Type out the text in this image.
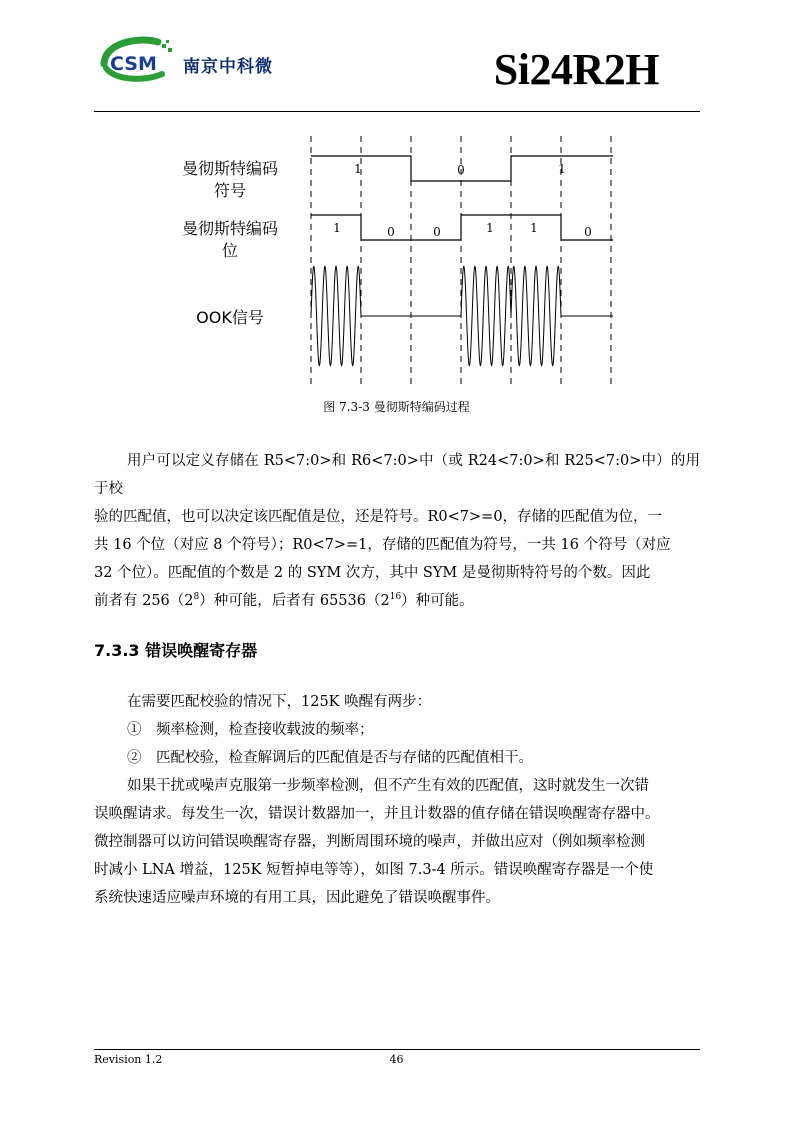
CSM 南京中科微	Si24R2H
曼彻斯特编码
符号
曼彻斯特编码
位
OOK信号
1	0	1
1	0	0	1	1	0
图 7.3-3 曼彻斯特编码过程

用户可以定义存储在 R5<7:0>和 R6<7:0>中（或 R24<7:0>和 R25<7:0>中）的用于校

验的匹配值，也可以决定该匹配值是位，还是符号。R0<7>=0，存储的匹配值为位，一

共 16 个位（对应 8 个符号）；R0<7>=1，存储的匹配值为符号，一共 16 个符号（对应

32 个位）。匹配值的个数是 2 的 SYM 次方，其中 SYM 是曼彻斯特符号的个数。因此

前者有 $256(2^8)$种可能，后者有 $65536(2^{16})$种可能。

7.3.3 错误唤醒寄存器

在需要匹配校验的情况下，125K 唤醒有两步：

①　频率检测，检查接收载波的频率；

②　匹配校验，检查解调后的匹配值是否与存储的匹配值相干。

如果干扰或噪声克服第一步频率检测，但不产生有效的匹配值，这时就发生一次错

误唤醒请求。每发生一次，错误计数器加一，并且计数器的值存储在错误唤醒寄存器中。

微控制器可以访问错误唤醒寄存器，判断周围环境的噪声，并做出应对（例如频率检测

时减小 LNA 增益，125K 短暂掉电等等），如图 7.3-4 所示。错误唤醒寄存器是一个使

系统快速适应噪声环境的有用工具，因此避免了错误唤醒事件。

Revision 1.2	46
